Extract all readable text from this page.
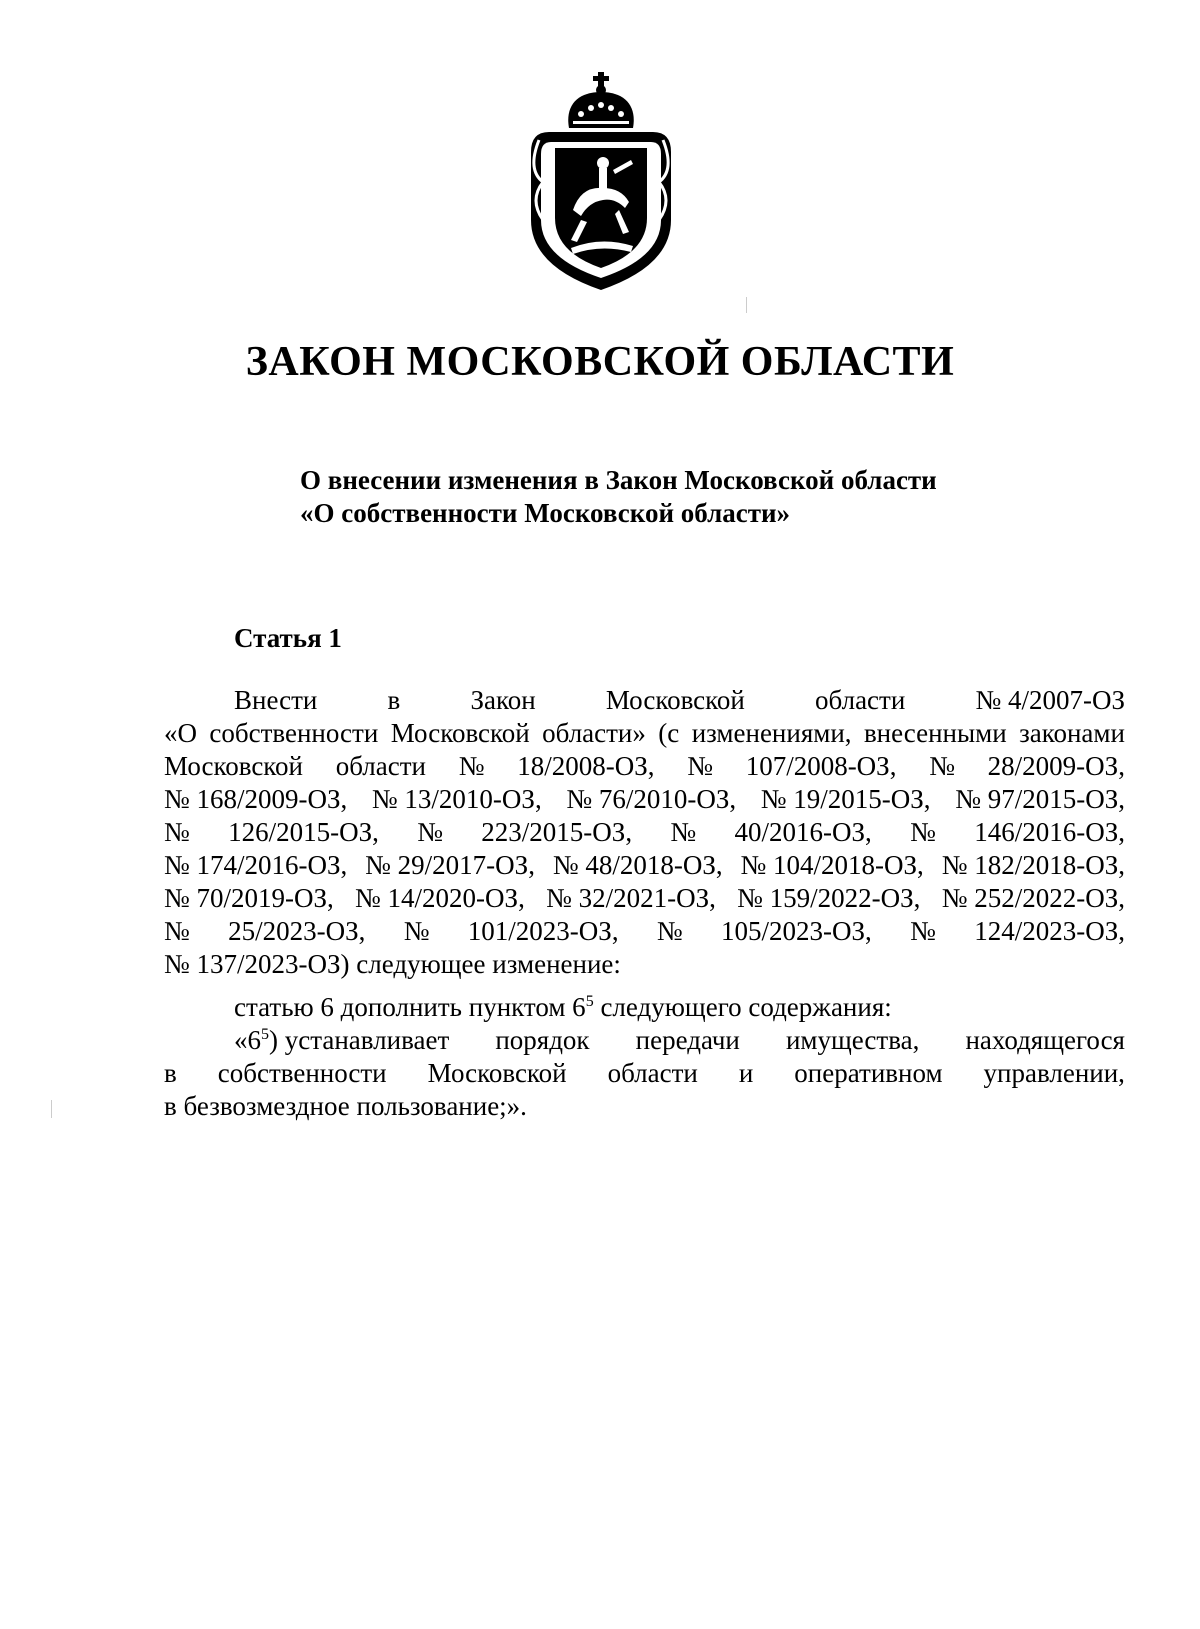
ЗАКОН МОСКОВСКОЙ ОБЛАСТИ
О внесении изменения в Закон Московской области
«О собственности Московской области»
Статья 1
Внести	в	Закон	Московской	области	№ 4/2007-ОЗ
«О собственности Московской области» (с изменениями, внесенными законами
Московской области № 18/2008-ОЗ, № 107/2008-ОЗ, № 28/2009-ОЗ,
№ 168/2009-ОЗ, № 13/2010-ОЗ, № 76/2010-ОЗ, № 19/2015-ОЗ, № 97/2015-ОЗ,
№ 126/2015-ОЗ, № 223/2015-ОЗ, № 40/2016-ОЗ, № 146/2016-ОЗ,
№ 174/2016-ОЗ, № 29/2017-ОЗ, № 48/2018-ОЗ, № 104/2018-ОЗ, № 182/2018-ОЗ,
№ 70/2019-ОЗ, № 14/2020-ОЗ, № 32/2021-ОЗ, № 159/2022-ОЗ, № 252/2022-ОЗ,
№ 25/2023-ОЗ, № 101/2023-ОЗ, № 105/2023-ОЗ, № 124/2023-ОЗ,
№ 137/2023-ОЗ) следующее изменение:
статью 6 дополнить пунктом $6^5$ следующего содержания:
«$6^5$) устанавливает порядок передачи имущества, находящегося
в собственности Московской области и оперативном управлении,
в безвозмездное пользование;».
